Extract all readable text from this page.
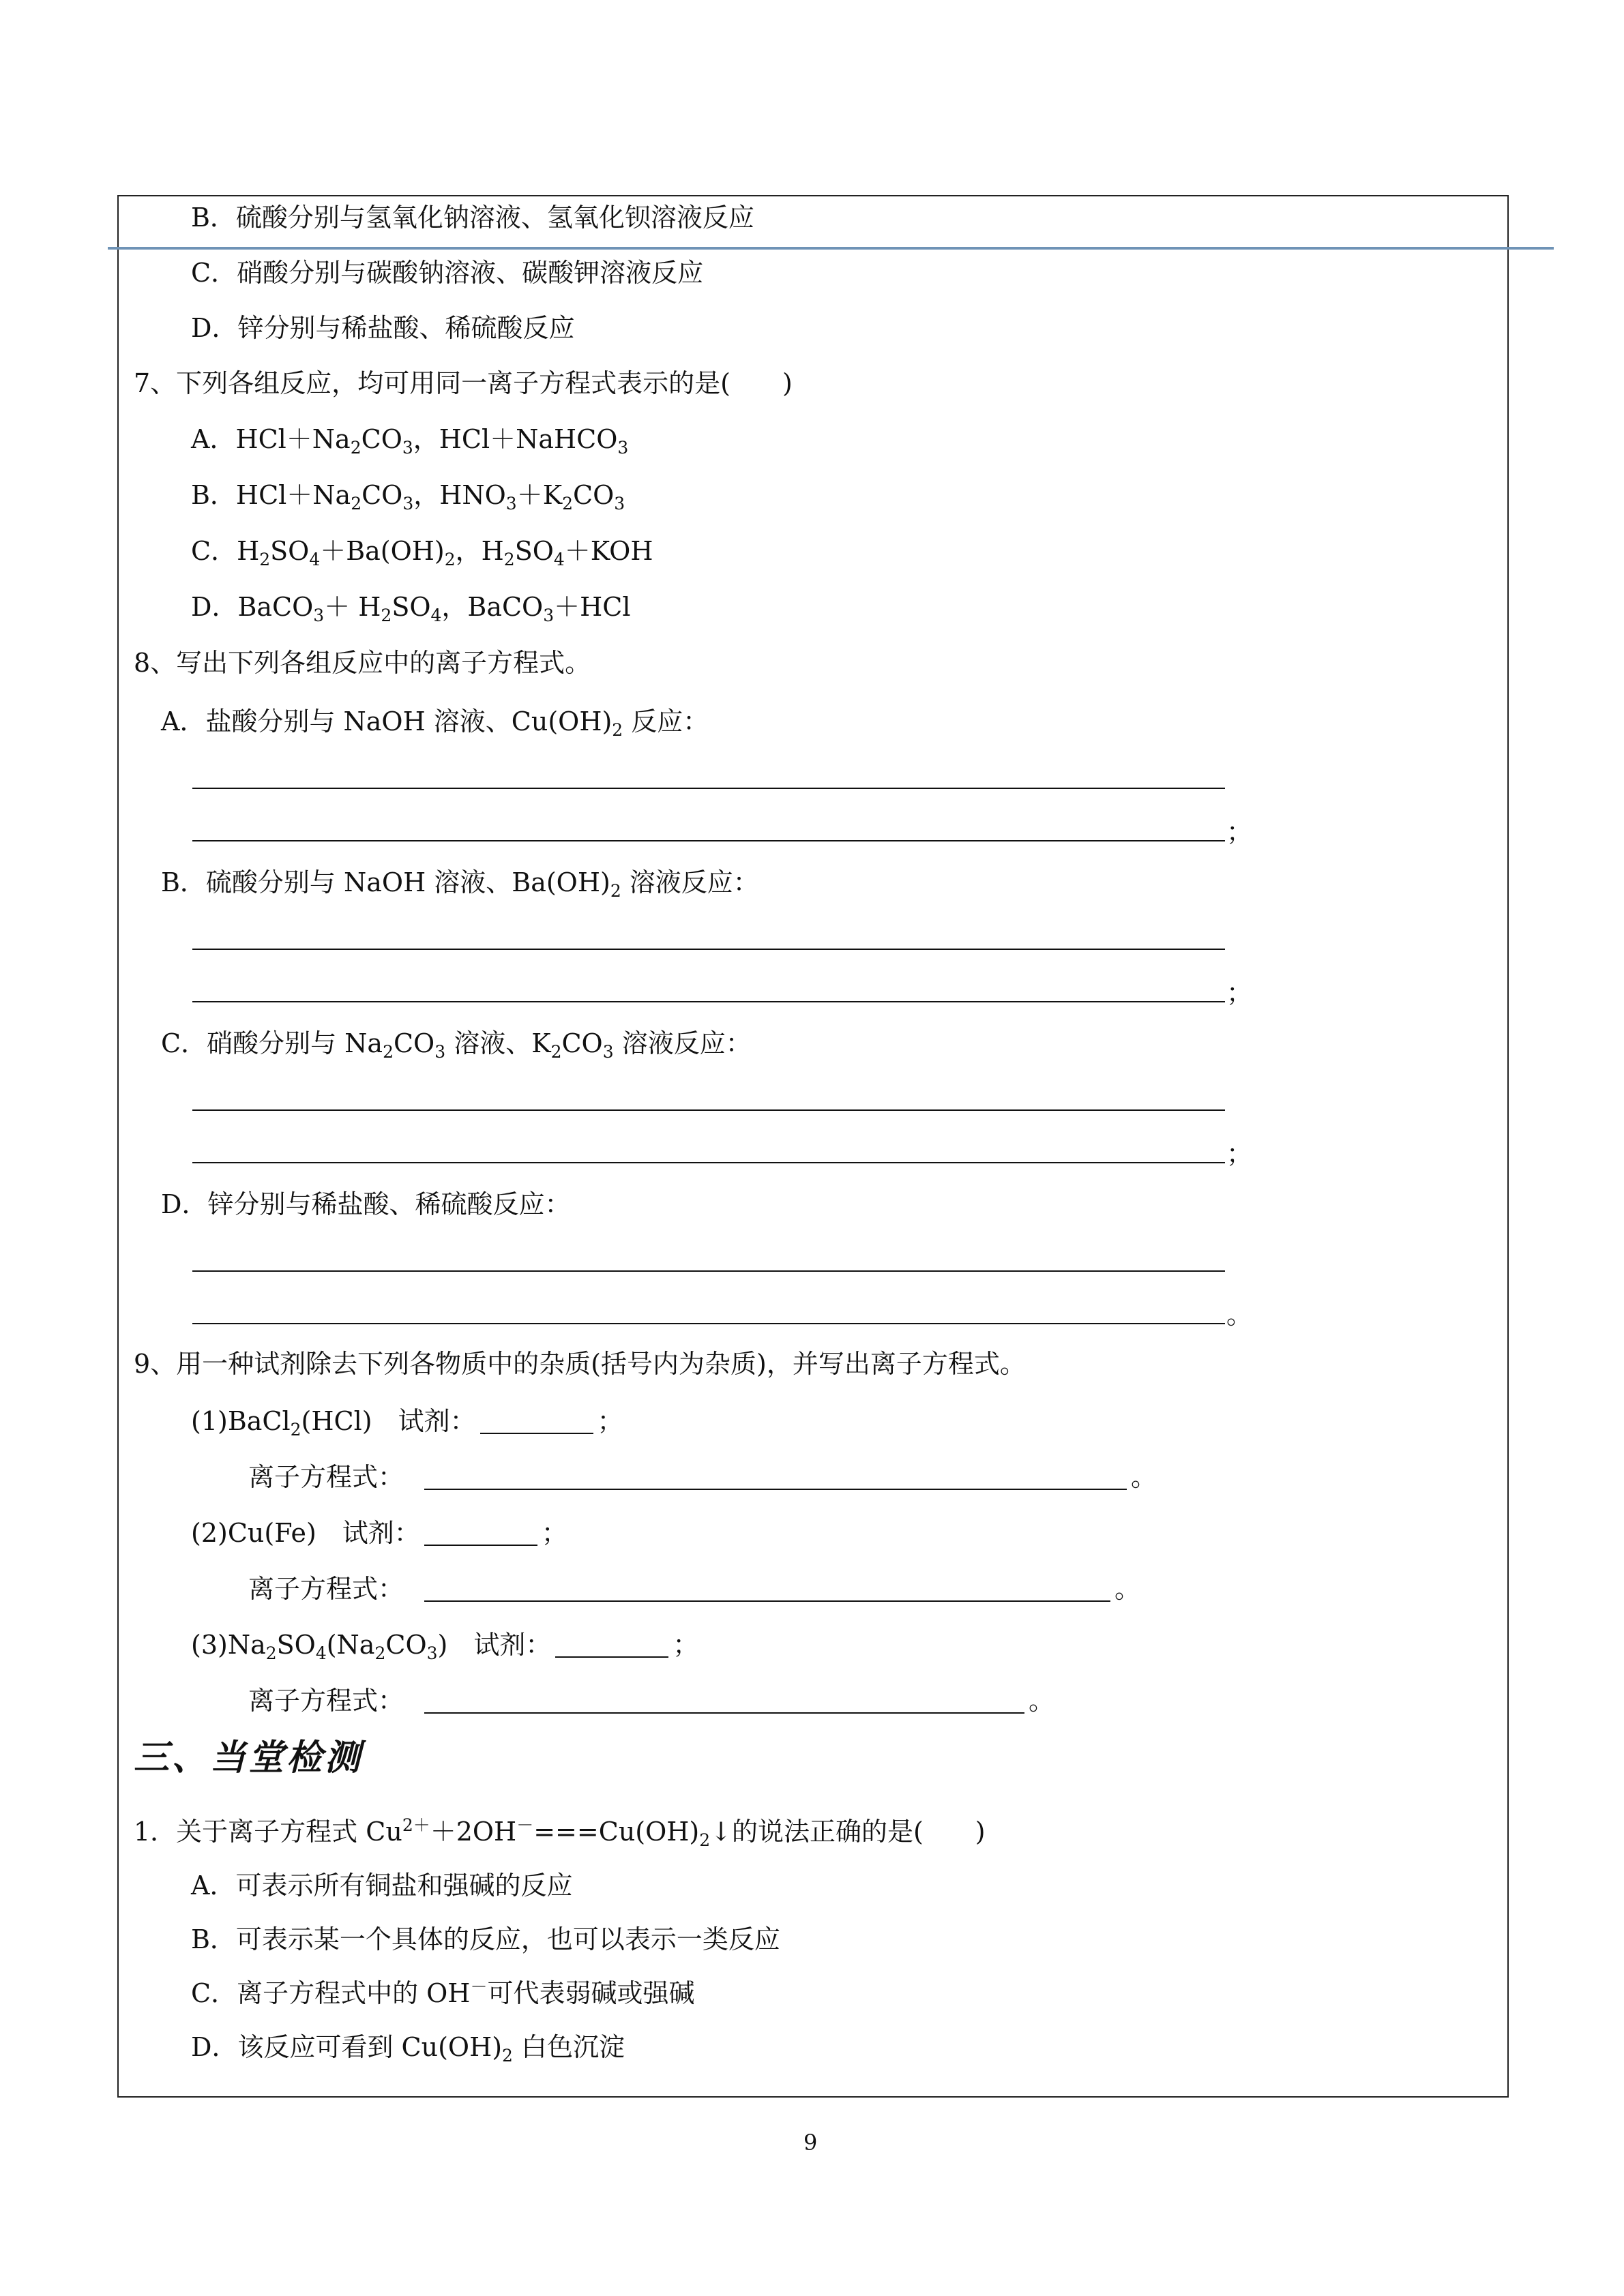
B．硫酸分别与氢氧化钠溶液、氢氧化钡溶液反应
C．硝酸分别与碳酸钠溶液、碳酸钾溶液反应
D．锌分别与稀盐酸、稀硫酸反应
7、下列各组反应，均可用同一离子方程式表示的是(　　)
A．$HCl+Na_2CO_3$，HCl＋NaHCO$_3$
B．$HCl+Na_2CO_3$，$HNO_3+K_2CO_3$
C．$H_2SO_4+Ba(OH)_2$，$H_2SO_4+KOH$
D．BaCO$_3$＋ $H_2SO_4$，BaCO$_3$＋HCl
8、写出下列各组反应中的离子方程式。
A．盐酸分别与 NaOH 溶液、$Cu(OH)_2$ 反应：
；
B．硫酸分别与 NaOH 溶液、$Ba(OH)_2$ 溶液反应：
；
C．硝酸分别与 $Na_2CO_3$ 溶液、$K_2CO_3$ 溶液反应：
；
D．锌分别与稀盐酸、稀硫酸反应：
。
9、用一种试剂除去下列各物质中的杂质(括号内为杂质)，并写出离子方程式。
(1)BaCl$_2$(HCl)　试剂：	；
离子方程式：	。
(2)Cu(Fe)　试剂：	；
离子方程式：	。
$(3)Na_2SO_4(Na_2CO_3)$　试剂：	；
离子方程式：	。
三、当堂检测
1．关于离子方程式 $Cu^{2+}+2OH^-===Cu(OH)_2↓$的说法正确的是(　　)
A．可表示所有铜盐和强碱的反应
B．可表示某一个具体的反应，也可以表示一类反应
C．离子方程式中的 OH－可代表弱碱或强碱
D．该反应可看到 $Cu(OH)_2$ 白色沉淀
9
